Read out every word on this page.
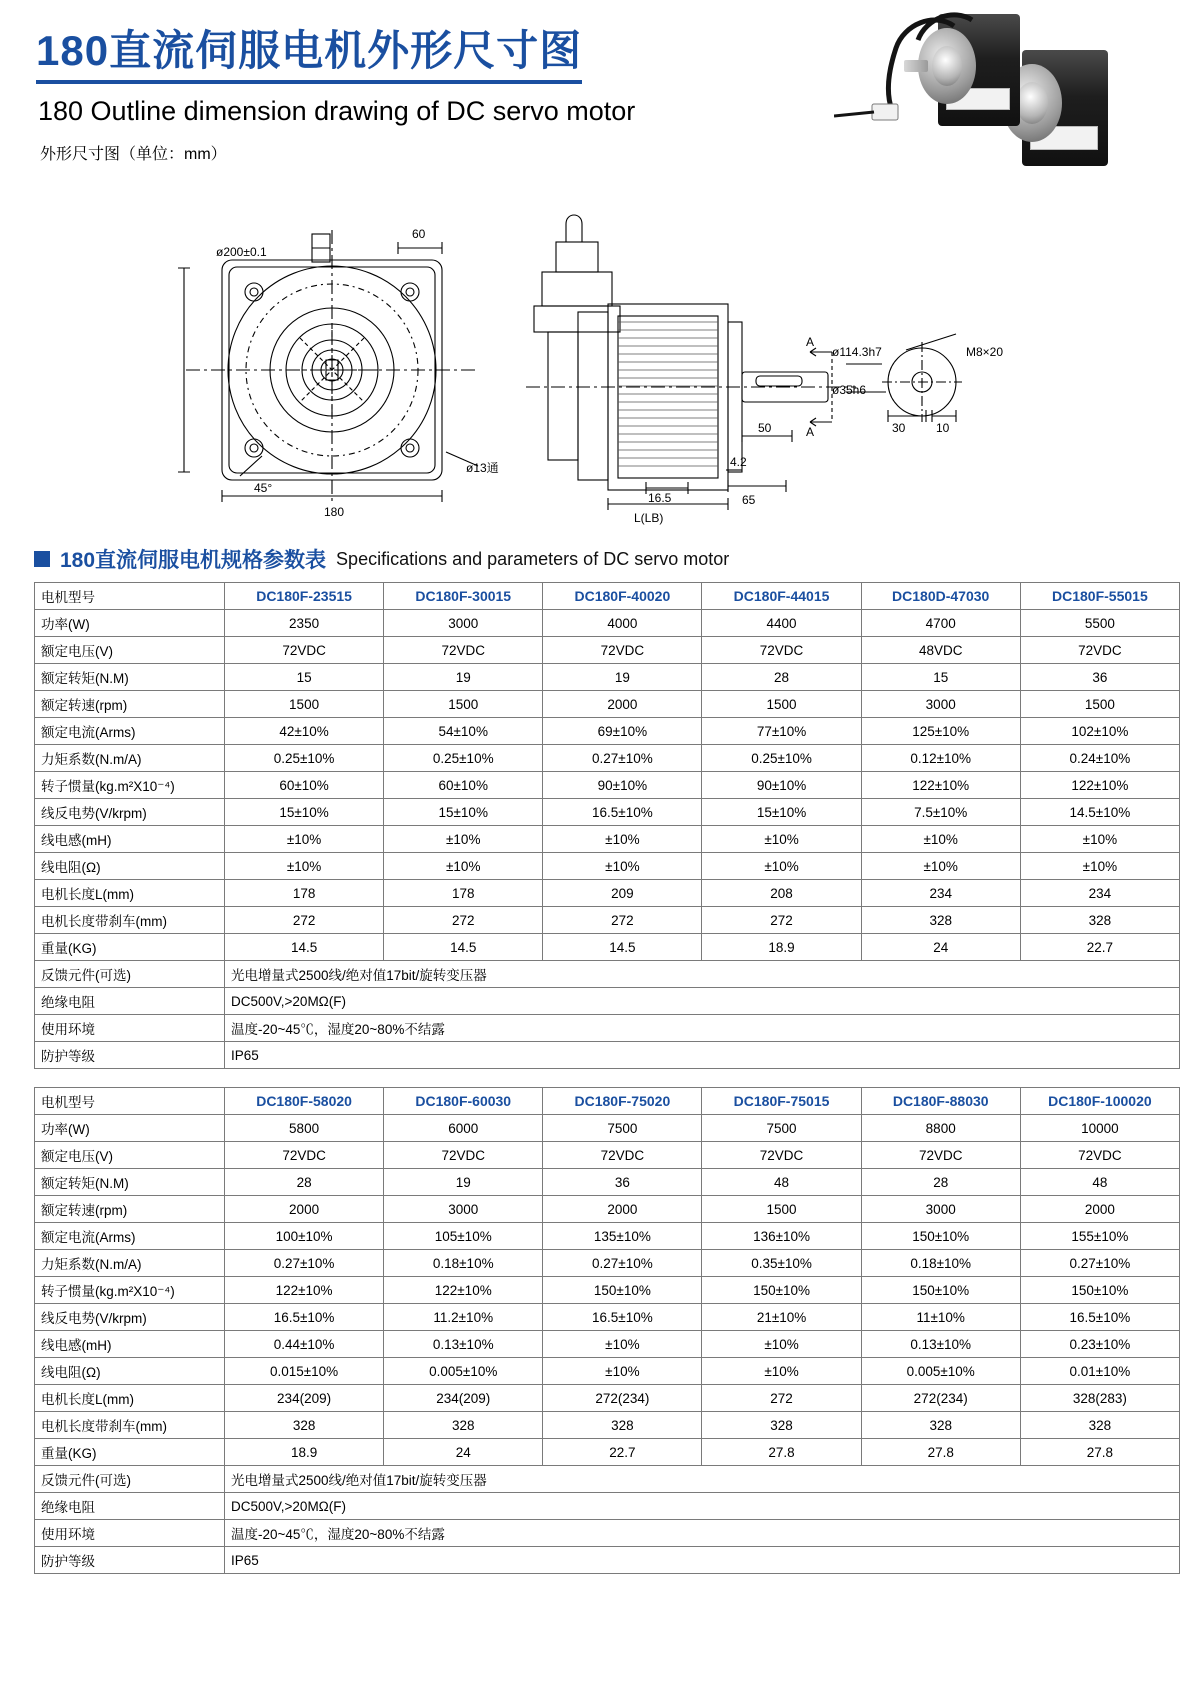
180直流伺服电机外形尺寸图
180 Outline dimension drawing of DC servo motor
外形尺寸图（单位：mm）
ø200±0.1
ø13通
45°
180
60
L(LB)
ø114.3h7
ø35h6
M8×20
30	10
50
4.2
16.5	65
A
A
180直流伺服电机规格参数表 Specifications and parameters of DC servo motor
电机型号	DC180F-23515	DC180F-30015	DC180F-40020	DC180F-44015	DC180D-47030	DC180F-55015
功率(W)	2350	3000	4000	4400	4700	5500
额定电压(V)	72VDC	72VDC	72VDC	72VDC	48VDC	72VDC
额定转矩(N.M)	15	19	19	28	15	36
额定转速(rpm)	1500	1500	2000	1500	3000	1500
额定电流(Arms)	42±10%	54±10%	69±10%	77±10%	125±10%	102±10%
力矩系数(N.m/A)	0.25±10%	0.25±10%	0.27±10%	0.25±10%	0.12±10%	0.24±10%
转子惯量(kg.m²X10⁻⁴)	60±10%	60±10%	90±10%	90±10%	122±10%	122±10%
线反电势(V/krpm)	15±10%	15±10%	16.5±10%	15±10%	7.5±10%	14.5±10%
线电感(mH)	±10%	±10%	±10%	±10%	±10%	±10%
线电阻(Ω)	±10%	±10%	±10%	±10%	±10%	±10%
电机长度L(mm)	178	178	209	208	234	234
电机长度带刹车(mm)	272	272	272	272	328	328
重量(KG)	14.5	14.5	14.5	18.9	24	22.7
反馈元件(可选)	光电增量式2500线/绝对值17bit/旋转变压器					
绝缘电阻	DC500V,>20MΩ(F)					
使用环境	温度-20~45℃，湿度20~80%不结露					
防护等级	IP65					
电机型号	DC180F-58020	DC180F-60030	DC180F-75020	DC180F-75015	DC180F-88030	DC180F-100020
功率(W)	5800	6000	7500	7500	8800	10000
额定电压(V)	72VDC	72VDC	72VDC	72VDC	72VDC	72VDC
额定转矩(N.M)	28	19	36	48	28	48
额定转速(rpm)	2000	3000	2000	1500	3000	2000
额定电流(Arms)	100±10%	105±10%	135±10%	136±10%	150±10%	155±10%
力矩系数(N.m/A)	0.27±10%	0.18±10%	0.27±10%	0.35±10%	0.18±10%	0.27±10%
转子惯量(kg.m²X10⁻⁴)	122±10%	122±10%	150±10%	150±10%	150±10%	150±10%
线反电势(V/krpm)	16.5±10%	11.2±10%	16.5±10%	21±10%	11±10%	16.5±10%
线电感(mH)	0.44±10%	0.13±10%	±10%	±10%	0.13±10%	0.23±10%
线电阻(Ω)	0.015±10%	0.005±10%	±10%	±10%	0.005±10%	0.01±10%
电机长度L(mm)	234(209)	234(209)	272(234)	272	272(234)	328(283)
电机长度带刹车(mm)	328	328	328	328	328	328
重量(KG)	18.9	24	22.7	27.8	27.8	27.8
反馈元件(可选)	光电增量式2500线/绝对值17bit/旋转变压器					
绝缘电阻	DC500V,>20MΩ(F)					
使用环境	温度-20~45℃，湿度20~80%不结露					
防护等级	IP65					
